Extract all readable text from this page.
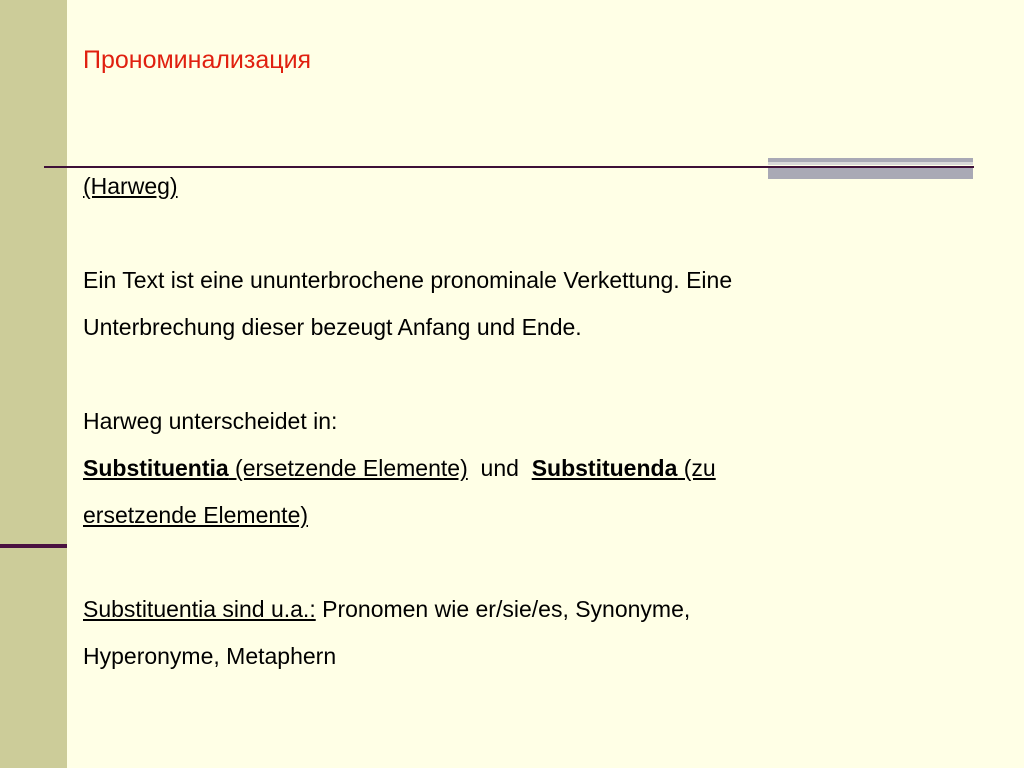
Прономинализация

(Harweg)

Ein Text ist eine ununterbrochene pronominale Verkettung. Eine

Unterbrechung dieser bezeugt Anfang und Ende.

Harweg unterscheidet in:

Substituentia (ersetzende Elemente)  und  Substituenda (zu

ersetzende Elemente)

Substituentia sind u.a.: Pronomen wie er/sie/es, Synonyme,

Hyperonyme, Metaphern
